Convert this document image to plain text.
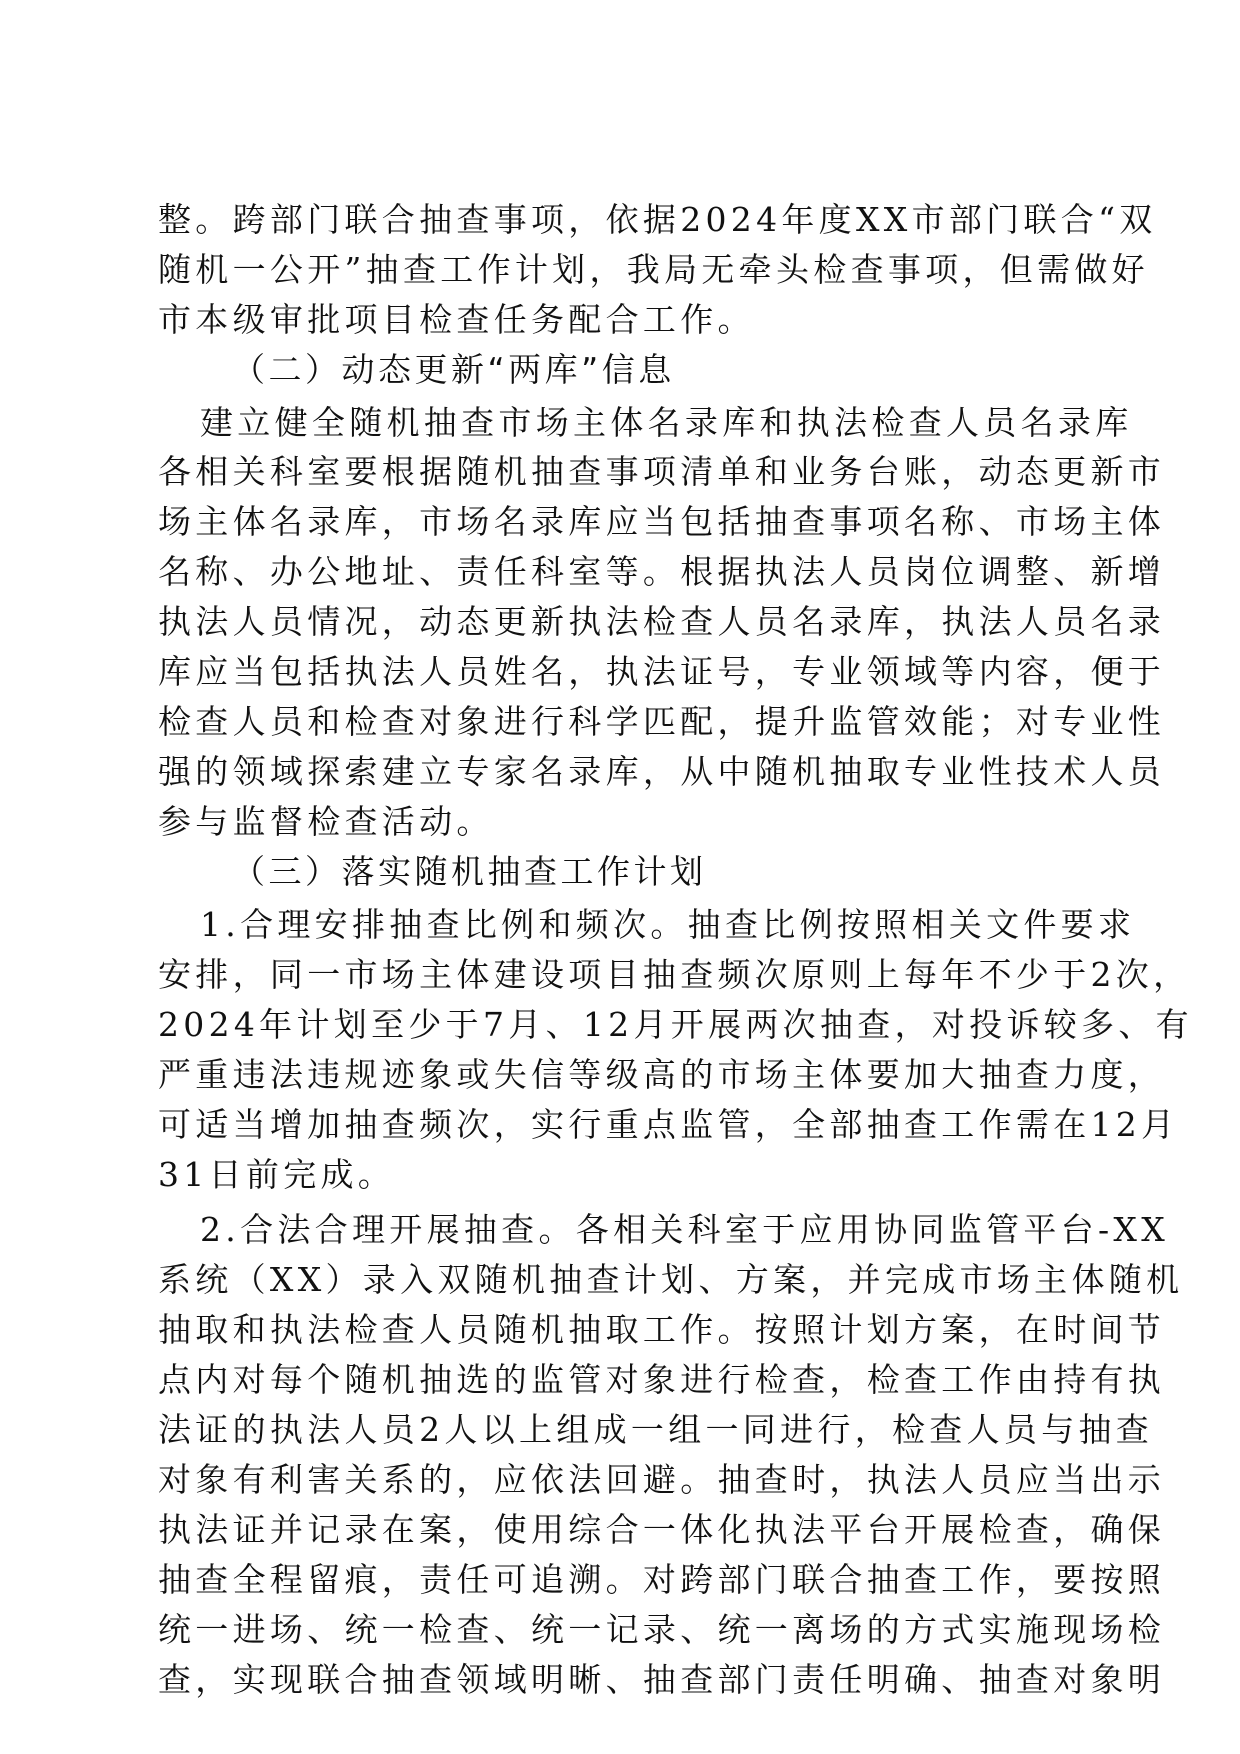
整。跨部门联合抽查事项，依据2024年度XX市部门联合“双
随机一公开”抽查工作计划，我局无牵头检查事项，但需做好
市本级审批项目检查任务配合工作。
（二）动态更新“两库”信息
建立健全随机抽查市场主体名录库和执法检查人员名录库
各相关科室要根据随机抽查事项清单和业务台账，动态更新市
场主体名录库，市场名录库应当包括抽查事项名称、市场主体
名称、办公地址、责任科室等。根据执法人员岗位调整、新增
执法人员情况，动态更新执法检查人员名录库，执法人员名录
库应当包括执法人员姓名，执法证号，专业领域等内容，便于
检查人员和检查对象进行科学匹配，提升监管效能；对专业性
强的领域探索建立专家名录库，从中随机抽取专业性技术人员
参与监督检查活动。
（三）落实随机抽查工作计划
1.合理安排抽查比例和频次。抽查比例按照相关文件要求
安排，同一市场主体建设项目抽查频次原则上每年不少于2次，
2024年计划至少于7月、12月开展两次抽查，对投诉较多、有
严重违法违规迹象或失信等级高的市场主体要加大抽查力度，
可适当增加抽查频次，实行重点监管，全部抽查工作需在12月
31日前完成。
2.合法合理开展抽查。各相关科室于应用协同监管平台-XX
系统（XX）录入双随机抽查计划、方案，并完成市场主体随机
抽取和执法检查人员随机抽取工作。按照计划方案，在时间节
点内对每个随机抽选的监管对象进行检查，检查工作由持有执
法证的执法人员2人以上组成一组一同进行，检查人员与抽查
对象有利害关系的，应依法回避。抽查时，执法人员应当出示
执法证并记录在案，使用综合一体化执法平台开展检查，确保
抽查全程留痕，责任可追溯。对跨部门联合抽查工作，要按照
统一进场、统一检查、统一记录、统一离场的方式实施现场检
查，实现联合抽查领域明晰、抽查部门责任明确、抽查对象明
